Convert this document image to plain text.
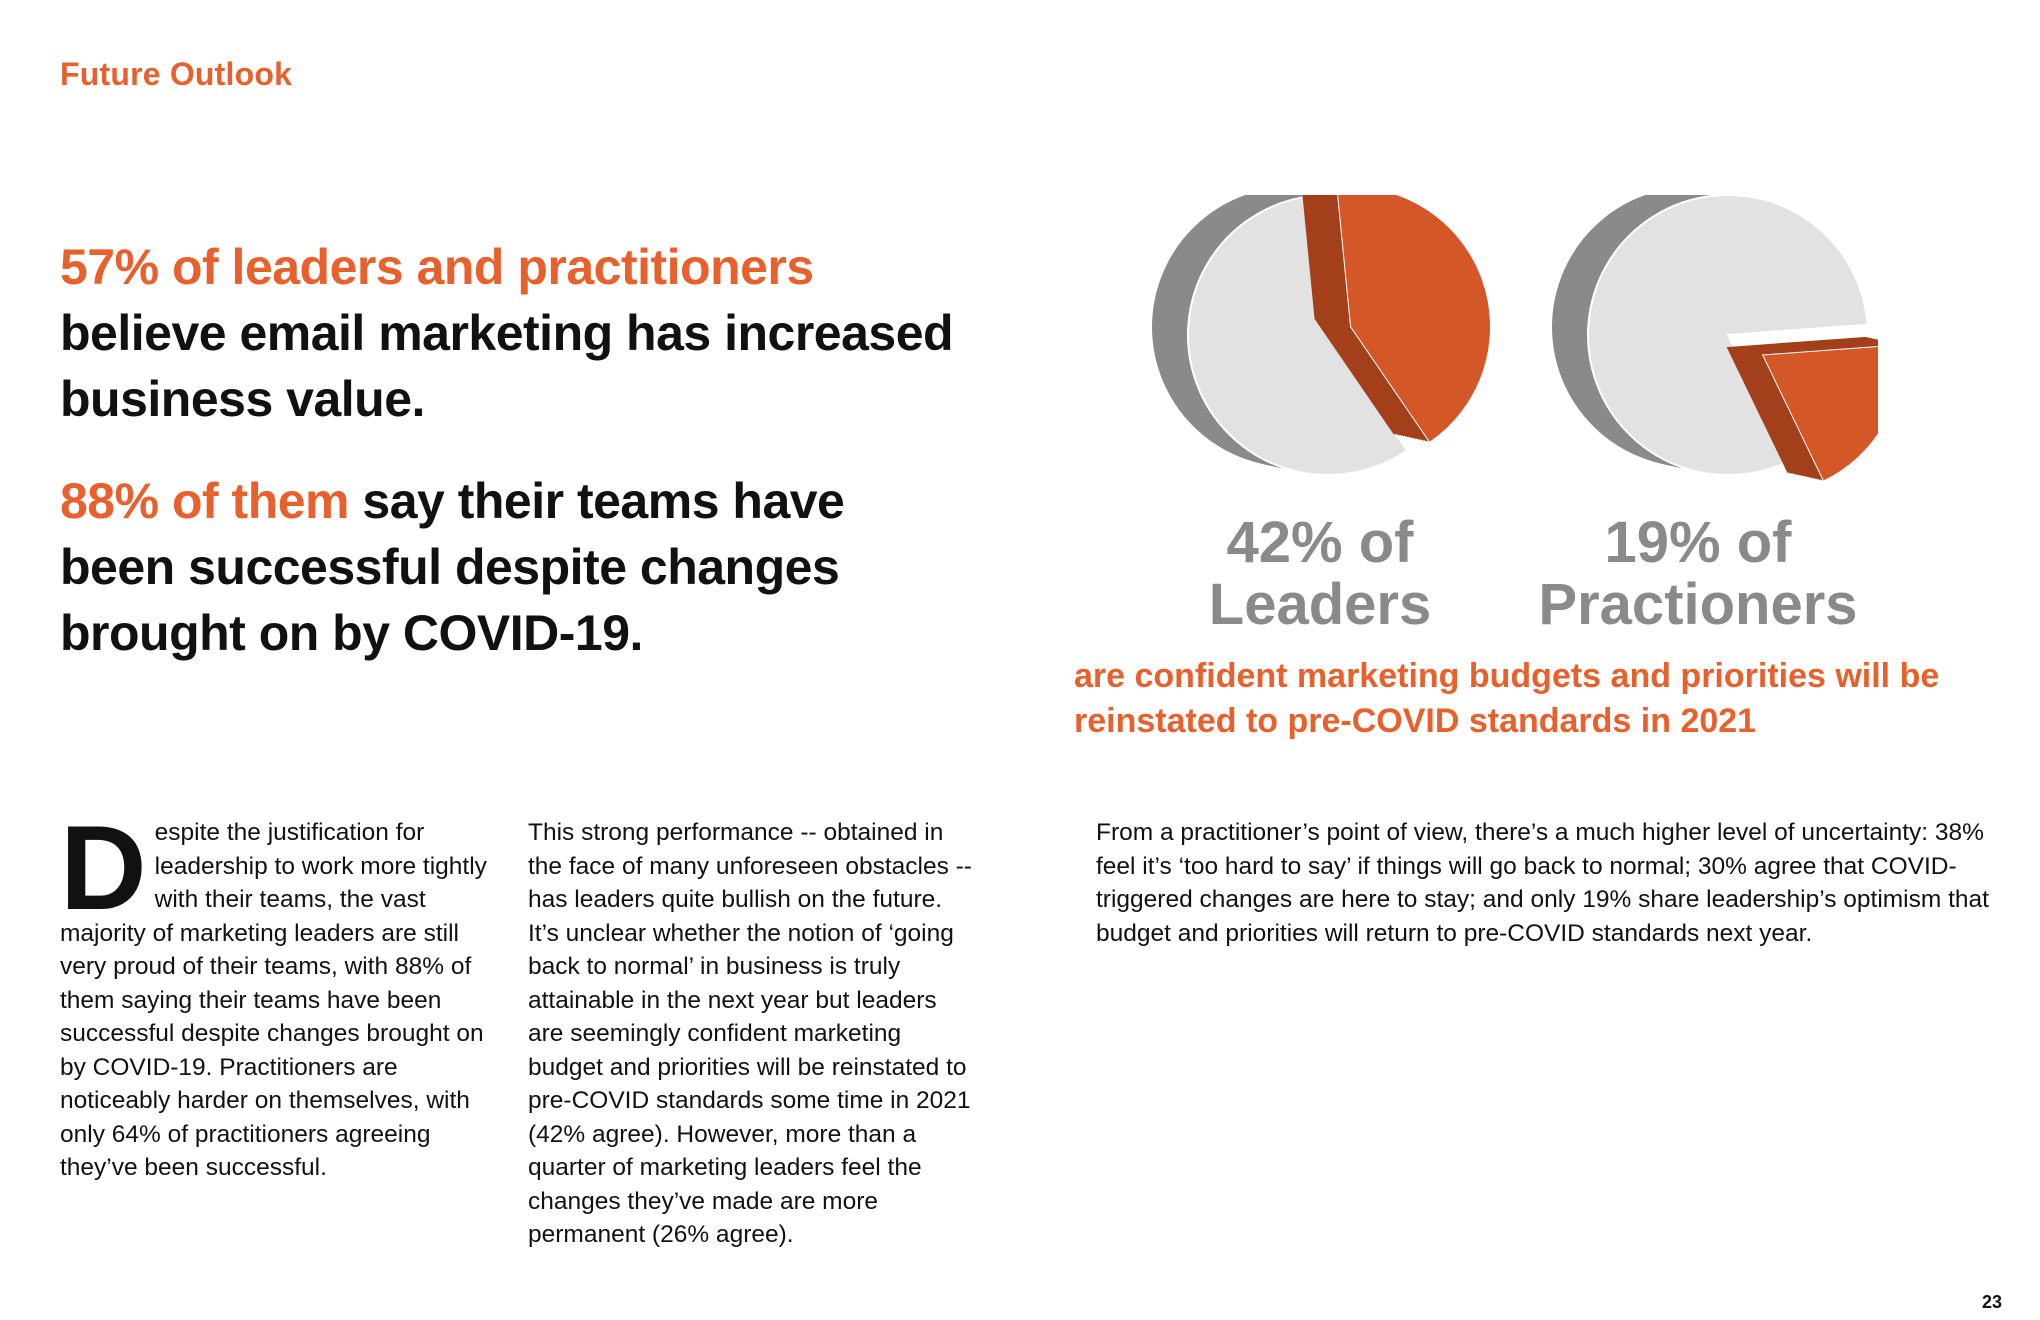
Future Outlook

57% of leaders and practitioners
believe email marketing has increased business value.

88% of them say their teams have been successful despite changes brought on by COVID-19.

42% of
Leaders
19% of
Practioners
are confident marketing budgets and priorities will be reinstated to pre-COVID standards in 2021
Despite the justification for leadership to work more tightly with their teams, the vast majority of marketing leaders are still very proud of their teams, with 88% of them saying their teams have been successful despite changes brought on by COVID-19. Practitioners are noticeably harder on themselves, with only 64% of practitioners agreeing they’ve been successful.
This strong performance -- obtained in the face of many unforeseen obstacles -- has leaders quite bullish on the future. It’s unclear whether the notion of ‘going back to normal’ in business is truly attainable in the next year but leaders are seemingly confident marketing budget and priorities will be reinstated to pre-COVID standards some time in 2021 (42% agree). However, more than a quarter of marketing leaders feel the changes they’ve made are more permanent (26% agree).
From a practitioner’s point of view, there’s a much higher level of uncertainty: 38% feel it’s ‘too hard to say’ if things will go back to normal; 30% agree that COVID-triggered changes are here to stay; and only 19% share leadership’s optimism that budget and priorities will return to pre-COVID standards next year.
23
